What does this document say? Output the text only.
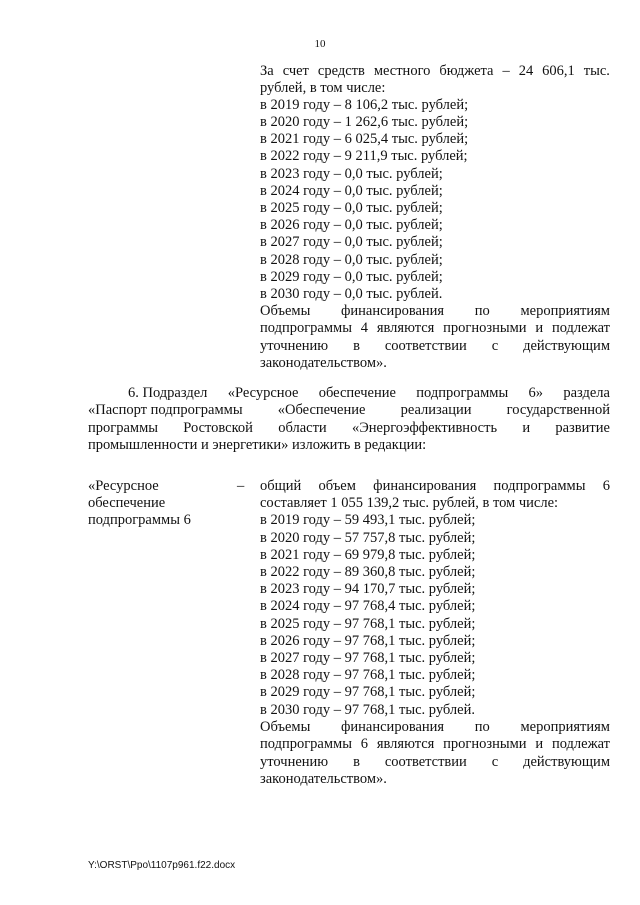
10
За счет средств местного бюджета – 24 606,1 тыс.
рублей, в том числе:
в 2019 году – 8 106,2 тыс. рублей;
в 2020 году – 1 262,6 тыс. рублей;
в 2021 году – 6 025,4 тыс. рублей;
в 2022 году – 9 211,9 тыс. рублей;
в 2023 году – 0,0 тыс. рублей;
в 2024 году – 0,0 тыс. рублей;
в 2025 году – 0,0 тыс. рублей;
в 2026 году – 0,0 тыс. рублей;
в 2027 году – 0,0 тыс. рублей;
в 2028 году – 0,0 тыс. рублей;
в 2029 году – 0,0 тыс. рублей;
в 2030 году – 0,0 тыс. рублей.
Объемы финансирования по мероприятиям
подпрограммы 4 являются прогнозными и подлежат
уточнению в соответствии с действующим
законодательством».
6. Подраздел «Ресурсное обеспечение подпрограммы 6» раздела
«Паспорт подпрограммы «Обеспечение реализации государственной
программы Ростовской области «Энергоэффективность и развитие
промышленности и энергетики» изложить в редакции:
«Ресурсное
обеспечение
подпрограммы 6
– общий объем финансирования подпрограммы 6
составляет 1 055 139,2 тыс. рублей, в том числе:
в 2019 году – 59 493,1 тыс. рублей;
в 2020 году – 57 757,8 тыс. рублей;
в 2021 году – 69 979,8 тыс. рублей;
в 2022 году – 89 360,8 тыс. рублей;
в 2023 году – 94 170,7 тыс. рублей;
в 2024 году – 97 768,4 тыс. рублей;
в 2025 году – 97 768,1 тыс. рублей;
в 2026 году – 97 768,1 тыс. рублей;
в 2027 году – 97 768,1 тыс. рублей;
в 2028 году – 97 768,1 тыс. рублей;
в 2029 году – 97 768,1 тыс. рублей;
в 2030 году – 97 768,1 тыс. рублей.
Объемы финансирования по мероприятиям
подпрограммы 6 являются прогнозными и подлежат
уточнению в соответствии с действующим
законодательством».
Y:\ORST\Ppo\1107p961.f22.docx
